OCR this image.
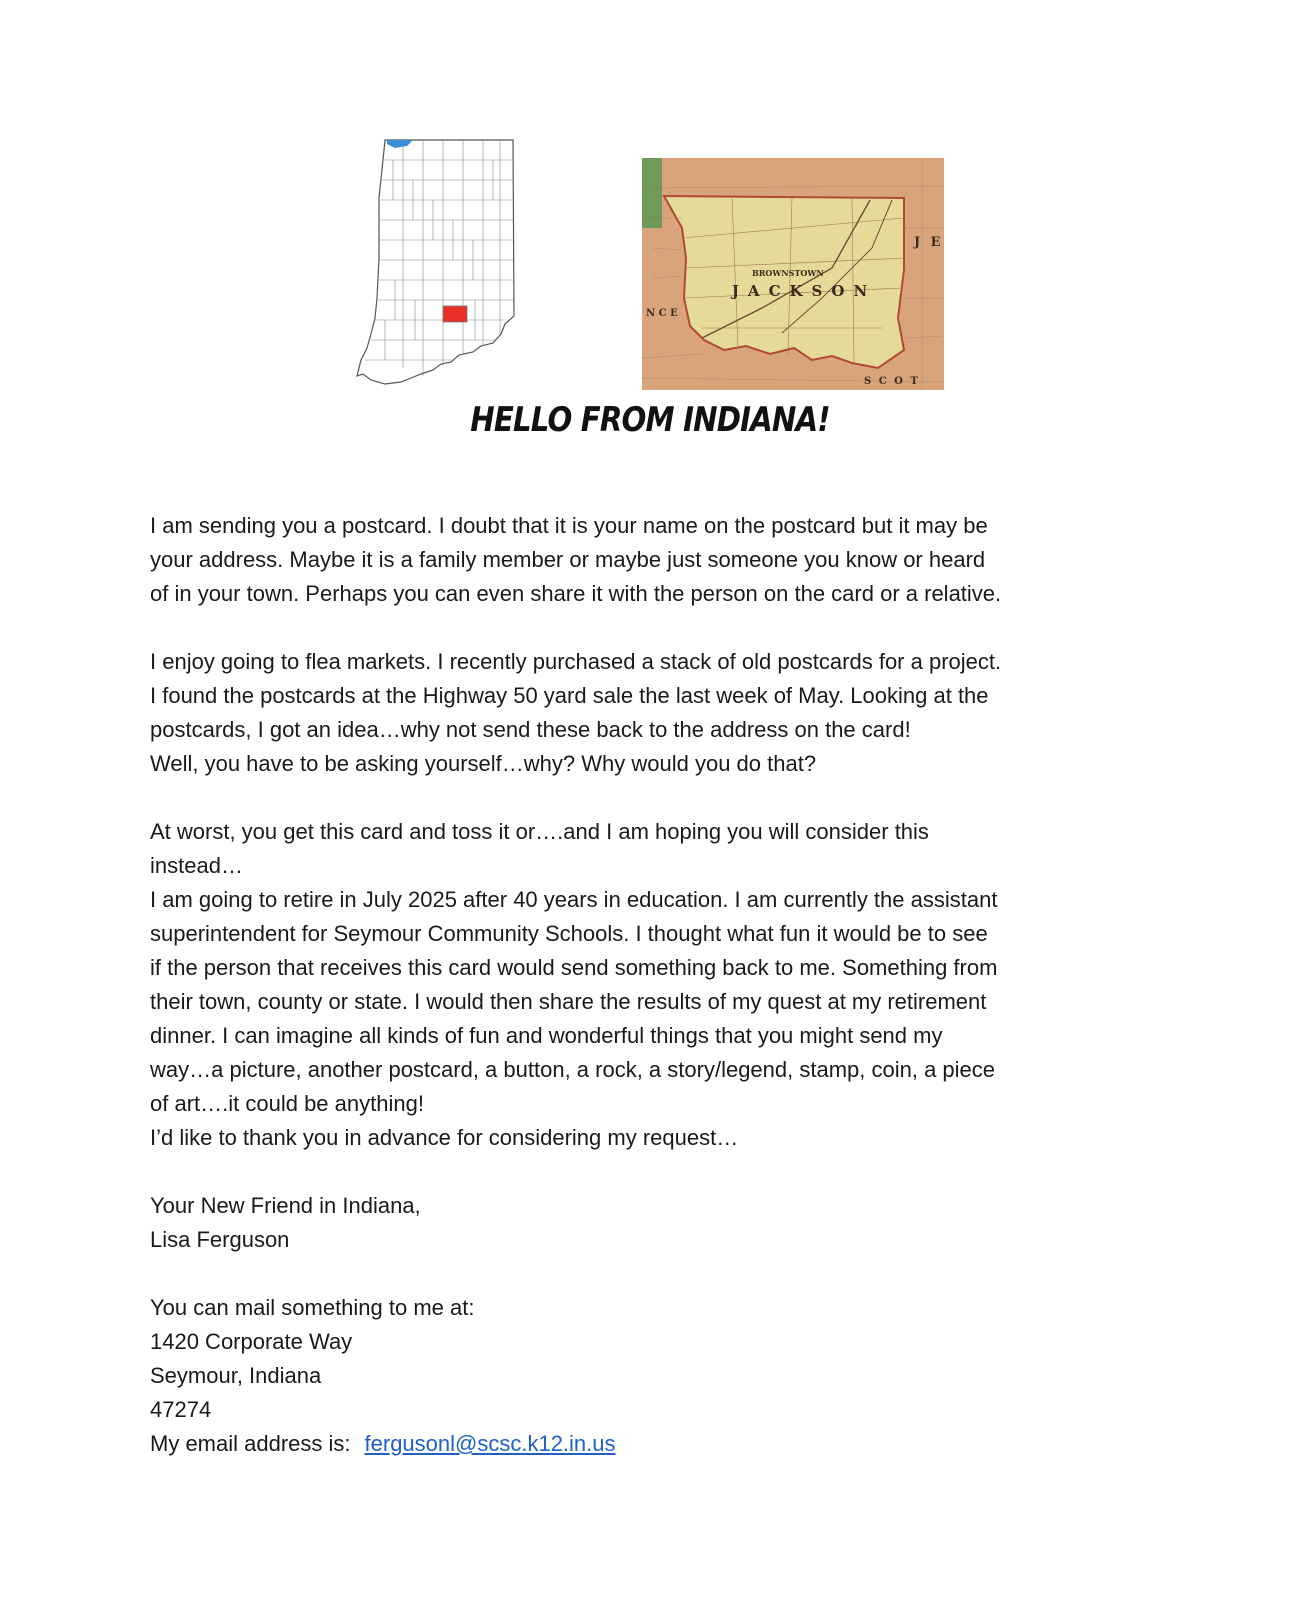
JACKSON
BROWNSTOWN
N C E
S C O T
J E
HELLO FROM INDIANA!

I am sending you a postcard. I doubt that it is your name on the postcard but it may be
your address. Maybe it is a family member or maybe just someone you know or heard
of in your town. Perhaps you can even share it with the person on the card or a relative.

I enjoy going to flea markets. I recently purchased a stack of old postcards for a project.
I found the postcards at the Highway 50 yard sale the last week of May. Looking at the
postcards, I got an idea…why not send these back to the address on the card!
Well, you have to be asking yourself…why? Why would you do that?

At worst, you get this card and toss it or….and I am hoping you will consider this
instead…
I am going to retire in July 2025 after 40 years in education. I am currently the assistant
superintendent for Seymour Community Schools. I thought what fun it would be to see
if the person that receives this card would send something back to me. Something from
their town, county or state. I would then share the results of my quest at my retirement
dinner. I can imagine all kinds of fun and wonderful things that you might send my
way…a picture, another postcard, a button, a rock, a story/legend, stamp, coin, a piece
of art….it could be anything!
I’d like to thank you in advance for considering my request…

Your New Friend in Indiana,
Lisa Ferguson

You can mail something to me at:
1420 Corporate Way
Seymour, Indiana
47274
My email address is: fergusonl@scsc.k12.in.us
